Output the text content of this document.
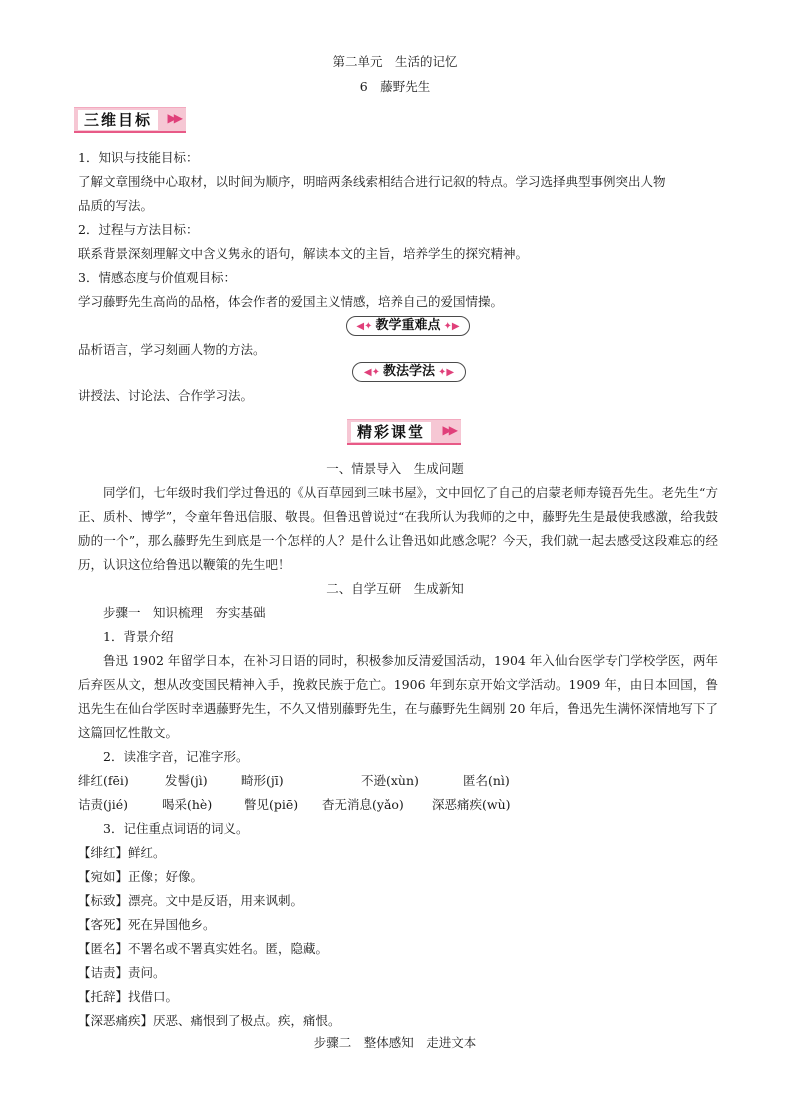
第二单元　生活的记忆
6　藤野先生
三维目标	▶▶
1．知识与技能目标：
了解文章围绕中心取材，以时间为顺序，明暗两条线索相结合进行记叙的特点。学习选择典型事例突出人物
品质的写法。
2．过程与方法目标：
联系背景深刻理解文中含义隽永的语句，解读本文的主旨，培养学生的探究精神。
3．情感态度与价值观目标：
学习藤野先生高尚的品格，体会作者的爱国主义情感，培养自己的爱国情操。
◀✦ 教学重难点 ✦▶
品析语言，学习刻画人物的方法。
◀✦ 教法学法 ✦▶
讲授法、讨论法、合作学习法。
精彩课堂	▶▶
一、情景导入　生成问题
同学们，七年级时我们学过鲁迅的《从百草园到三味书屋》，文中回忆了自己的启蒙老师寿镜吾先生。老先生“方正、质朴、博学”，令童年鲁迅信服、敬畏。但鲁迅曾说过“在我所认为我师的之中，藤野先生是最使我感激，给我鼓励的一个”，那么藤野先生到底是一个怎样的人？是什么让鲁迅如此感念呢？今天，我们就一起去感受这段难忘的经历，认识这位给鲁迅以鞭策的先生吧！
二、自学互研　生成新知
步骤一　知识梳理　夯实基础
1．背景介绍
鲁迅 1902 年留学日本，在补习日语的同时，积极参加反清爱国活动，1904 年入仙台医学专门学校学医，两年后弃医从文，想从改变国民精神入手，挽救民族于危亡。1906 年到东京开始文学活动。1909 年，由日本回国，鲁迅先生在仙台学医时幸遇藤野先生，不久又惜别藤野先生，在与藤野先生阔别 20 年后，鲁迅先生满怀深情地写下了这篇回忆性散文。
2．读准字音，记准字形。
绯红(fēi)	发髻(jì)	畸形(jī)	不逊(xùn)	匿名(nì)
诘责(jié)	喝采(hè)	瞥见(piē) 杳无消息(yǎo) 深恶痛疾(wù)
3．记住重点词语的词义。
【绯红】鲜红。
【宛如】正像；好像。
【标致】漂亮。文中是反语，用来讽刺。
【客死】死在异国他乡。
【匿名】不署名或不署真实姓名。匿，隐藏。
【诘责】责问。
【托辞】找借口。
【深恶痛疾】厌恶、痛恨到了极点。疾，痛恨。
步骤二　整体感知　走进文本
